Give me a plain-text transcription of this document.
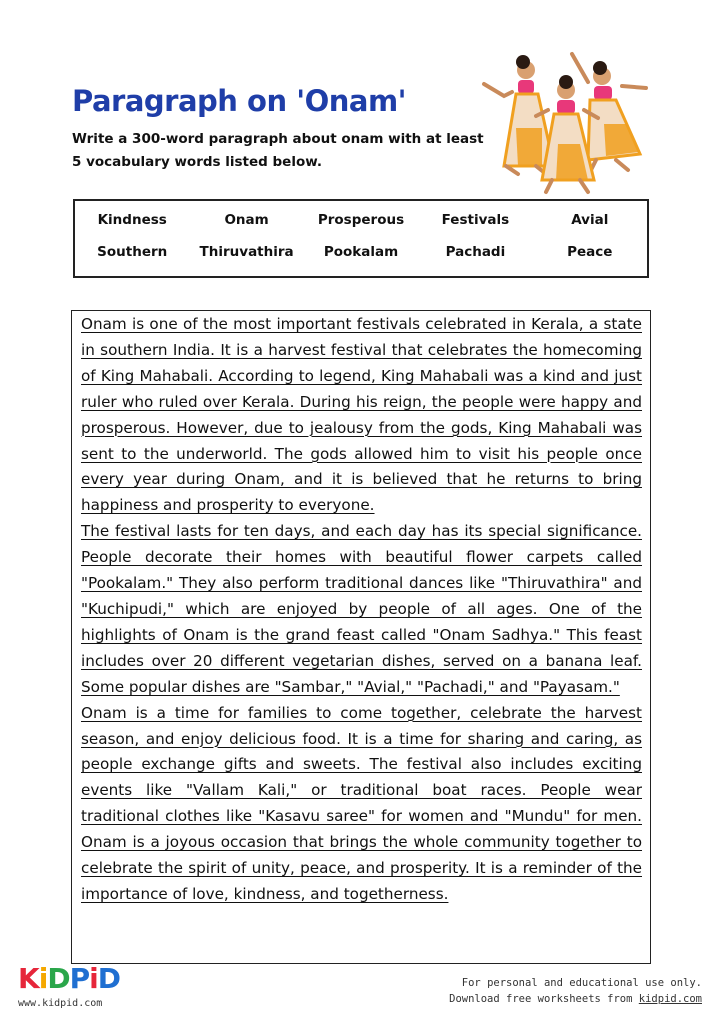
Paragraph on 'Onam'
Write a 300-word paragraph about onam with at least 5 vocabulary words listed below.
Kindness	Onam	Prosperous	Festivals	Avial
Southern	Thiruvathira	Pookalam	Pachadi	Peace

Onam is one of the most important festivals celebrated in Kerala, a state in southern India. It is a harvest festival that celebrates the homecoming of King Mahabali. According to legend, King Mahabali was a kind and just ruler who ruled over Kerala. During his reign, the people were happy and prosperous. However, due to jealousy from the gods, King Mahabali was sent to the underworld. The gods allowed him to visit his people once every year during Onam, and it is believed that he returns to bring happiness and prosperity to everyone.

The festival lasts for ten days, and each day has its special significance. People decorate their homes with beautiful flower carpets called "Pookalam." They also perform traditional dances like "Thiruvathira" and "Kuchipudi," which are enjoyed by people of all ages. One of the highlights of Onam is the grand feast called "Onam Sadhya." This feast includes over 20 different vegetarian dishes, served on a banana leaf. Some popular dishes are "Sambar," "Avial," "Pachadi," and "Payasam."

Onam is a time for families to come together, celebrate the harvest season, and enjoy delicious food. It is a time for sharing and caring, as people exchange gifts and sweets. The festival also includes exciting events like "Vallam Kali," or traditional boat races. People wear traditional clothes like "Kasavu saree" for women and "Mundu" for men. Onam is a joyous occasion that brings the whole community together to celebrate the spirit of unity, peace, and prosperity. It is a reminder of the importance of love, kindness, and togetherness.

KiDPiD
www.kidpid.com
For personal and educational use only.
Download free worksheets from kidpid.com
